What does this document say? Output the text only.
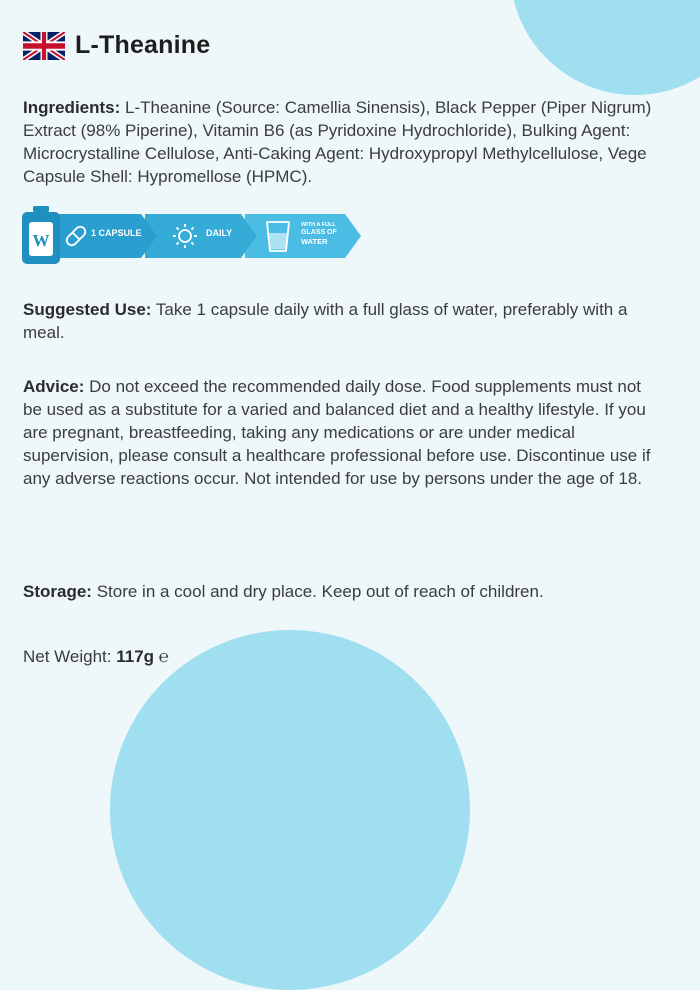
L-Theanine
Ingredients: L-Theanine (Source: Camellia Sinensis), Black Pepper (Piper Nigrum) Extract (98% Piperine), Vitamin B6 (as Pyridoxine Hydrochloride), Bulking Agent: Microcrystalline Cellulose, Anti-Caking Agent: Hydroxypropyl Methylcellulose, Vege Capsule Shell: Hypromellose (HPMC).
W	1 CAPSULE	DAILY
WITH A FULL
GLASS OF
WATER
Suggested Use: Take 1 capsule daily with a full glass of water, preferably with a meal.
Advice: Do not exceed the recommended daily dose. Food supplements must not be used as a substitute for a varied and balanced diet and a healthy lifestyle. If you are pregnant, breastfeeding, taking any medications or are under medical supervision, please consult a healthcare professional before use. Discontinue use if any adverse reactions occur. Not intended for use by persons under the age of 18.
Storage: Store in a cool and dry place. Keep out of reach of children.
Net Weight: 117g ℮
